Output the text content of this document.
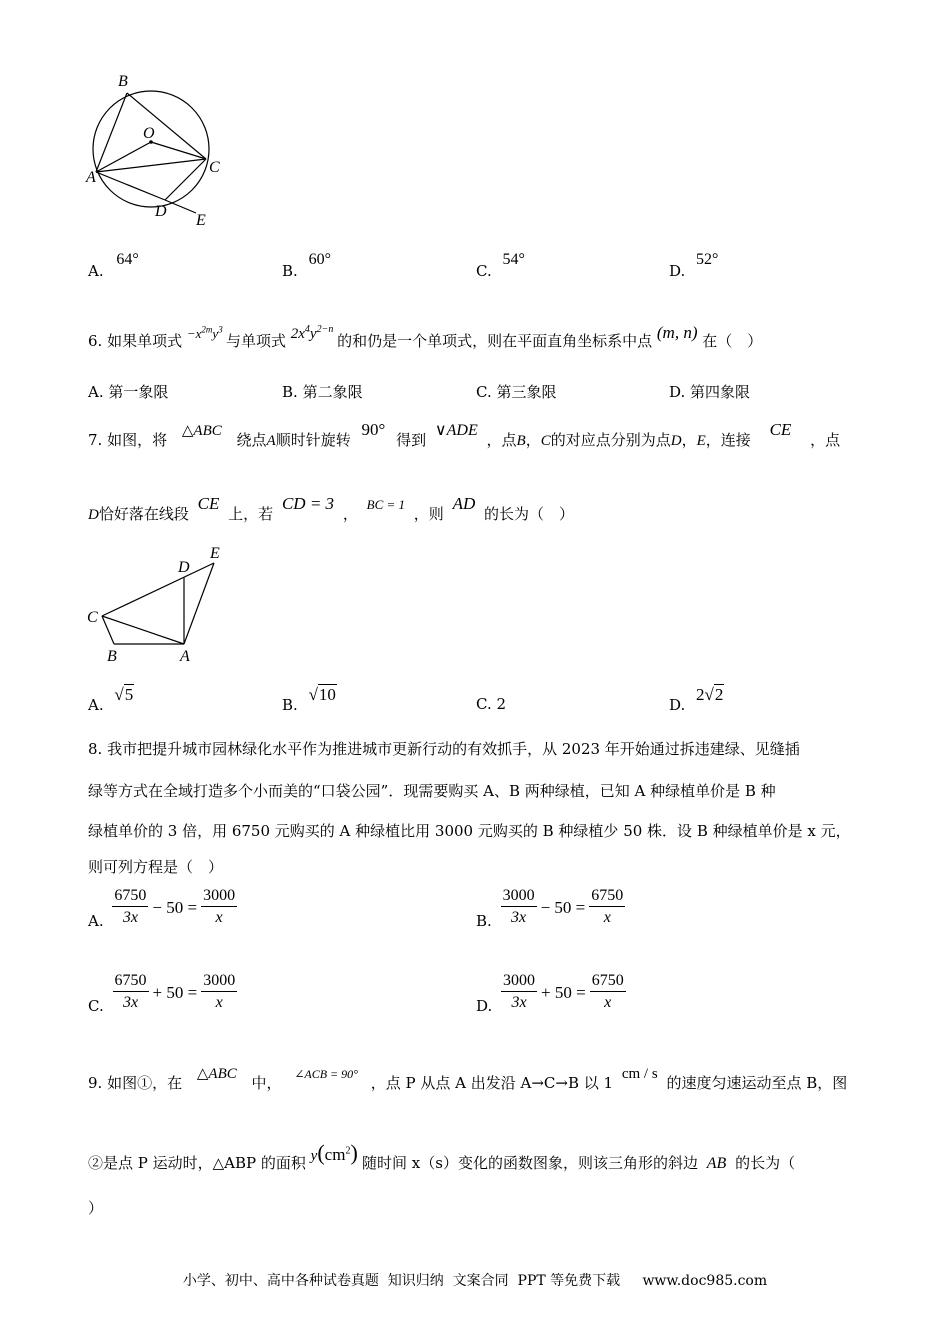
B
O
A
C
D
E
A. 64°
B. 60°
C. 54°
D. 52°
6. 如果单项式 $-x^{2m}y^3$ 与单项式 $2x^4y^{2-n}$ 的和仍是一个单项式，则在平面直角坐标系中点 (m, n) 在（　）
A. 第一象限	B. 第二象限	C. 第三象限	D. 第四象限
7. 如图，将 △ABC 绕点A顺时针旋转 90° 得到 ∨ADE ，点B，C的对应点分别为点D，E，连接 CE ，点
D恰好落在线段 CE 上，若 CD = 3 ， BC = 1 ，则 AD 的长为（　）
C
B	A
D
E
A. √5
B. √10	C. 2	D. 2√2
8. 我市把提升城市园林绿化水平作为推进城市更新行动的有效抓手，从 2023 年开始通过拆违建绿、见缝插
绿等方式在全域打造多个小而美的“口袋公园”．现需要购买 A、B 两种绿植，已知 A 种绿植单价是 B 种
绿植单价的 3 倍，用 6750 元购买的 A 种绿植比用 3000 元购买的 B 种绿植少 50 株．设 B 种绿植单价是 x 元，
则可列方程是（　）
A. $\frac{6750}{3x} - 50 = \frac{3000}{x}$	B. $\frac{3000}{3x} - 50 = \frac{6750}{x}$
C. $\frac{6750}{3x} + 50 = \frac{3000}{x}$	D. $\frac{3000}{3x} + 50 = \frac{6750}{x}$
9. 如图①，在 △ABC 中， $^{\angle ACB = 90^\circ}$ ，点 P 从点 A 出发沿 A→C→B 以 1 cm / s 的速度匀速运动至点 B，图
②是点 P 运动时，△ABP 的面积 $y(cm^2)$ 随时间 x（s）变化的函数图象，则该三角形的斜边 AB 的长为（
）
小学、初中、高中各种试卷真题  知识归纳  文案合同  PPT 等免费下载     www.doc985.com
